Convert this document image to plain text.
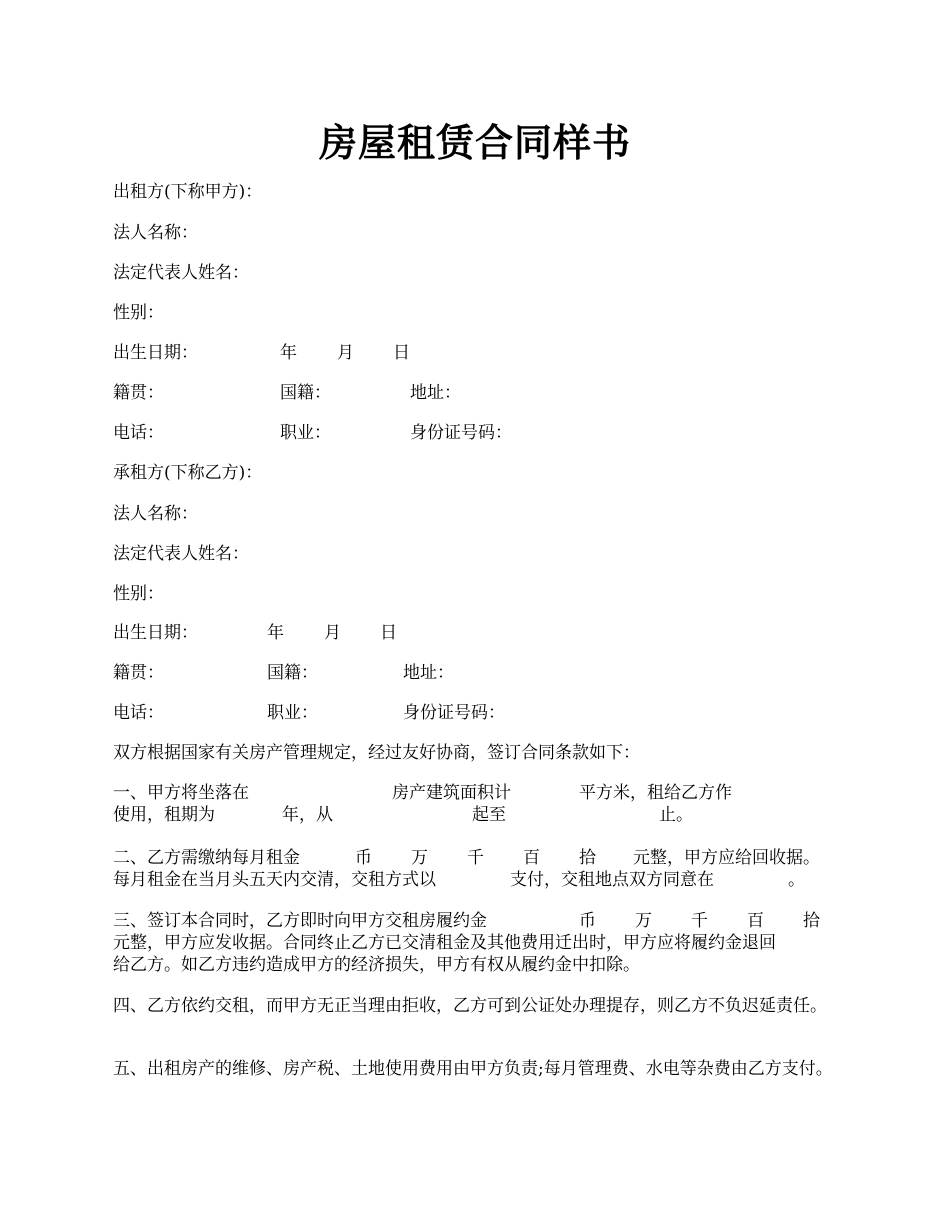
房屋租赁合同样书
出租方(下称甲方)：
法人名称：
法定代表人姓名：
性别：
出生日期：	年 月 日
籍贯：	国籍：	地址：
电话：	职业：	身份证号码：
承租方(下称乙方)：
法人名称：
法定代表人姓名：
性别：
出生日期：	年 月 日
籍贯：	国籍：	地址：
电话：	职业：	身份证号码：
双方根据国家有关房产管理规定，经过友好协商，签订合同条款如下：
一、甲方将坐落在	房产建筑面积计	平方米，租给乙方作
使用，租期为	年，从	起至	止。
二、乙方需缴纳每月租金	币 万 千 百 拾 元整，甲方应给回收据。
每月租金在当月头五天内交清，交租方式以	支付，交租地点双方同意在	。
三、签订本合同时，乙方即时向甲方交租房履约金	币 万 千 百 拾
元整，甲方应发收据。合同终止乙方已交清租金及其他费用迁出时，甲方应将履约金退回
给乙方。如乙方违约造成甲方的经济损失，甲方有权从履约金中扣除。

四、乙方依约交租，而甲方无正当理由拒收，乙方可到公证处办理提存，则乙方不负迟延责任。

五、出租房产的维修、房产税、土地使用费用由甲方负责;每月管理费、水电等杂费由乙方支付。
